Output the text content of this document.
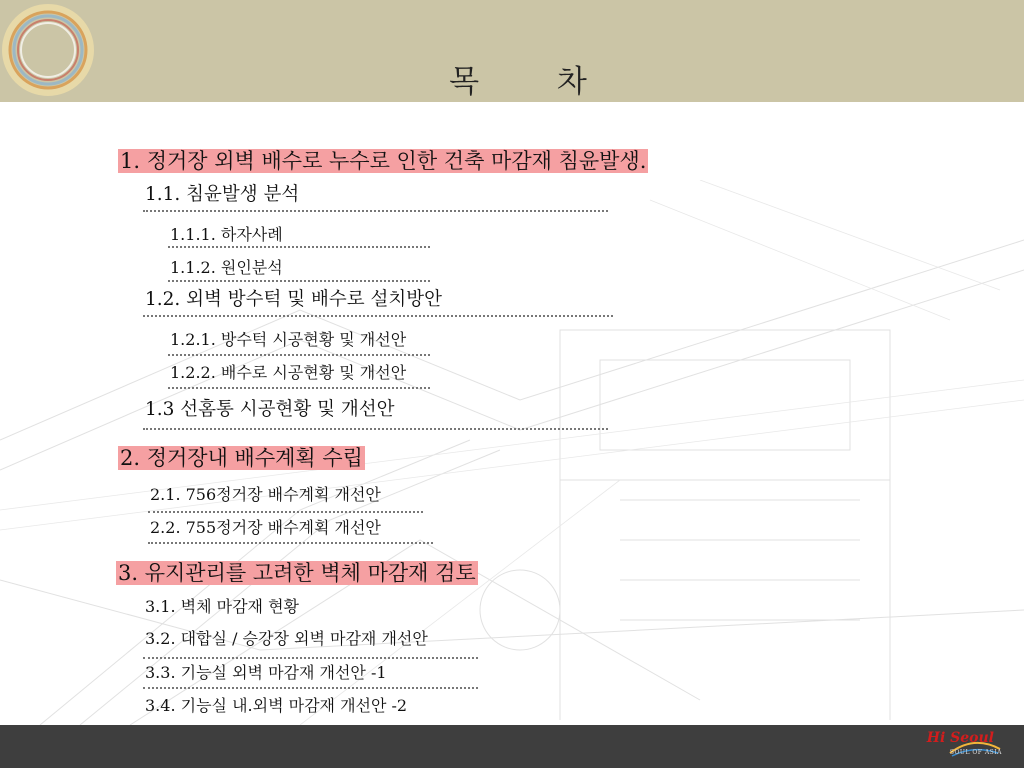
목 차
1. 정거장 외벽 배수로 누수로 인한 건축 마감재 침윤발생.
1.1. 침윤발생 분석
1.1.1. 하자사례
1.1.2. 원인분석
1.2. 외벽 방수턱 및 배수로 설치방안
1.2.1. 방수턱 시공현황 및 개선안
1.2.2. 배수로 시공현황 및 개선안
1.3 선홈통 시공현황 및 개선안
2. 정거장내 배수계획 수립
2.1. 756정거장 배수계획 개선안
2.2. 755정거장 배수계획 개선안
3. 유지관리를 고려한 벽체 마감재 검토
3.1. 벽체 마감재 현황
3.2. 대합실 / 승강장 외벽 마감재 개선안
3.3. 기능실 외벽 마감재 개선안 -1
3.4. 기능실 내.외벽 마감재 개선안 -2
Hi Seoul
SOUL OF ASIA
